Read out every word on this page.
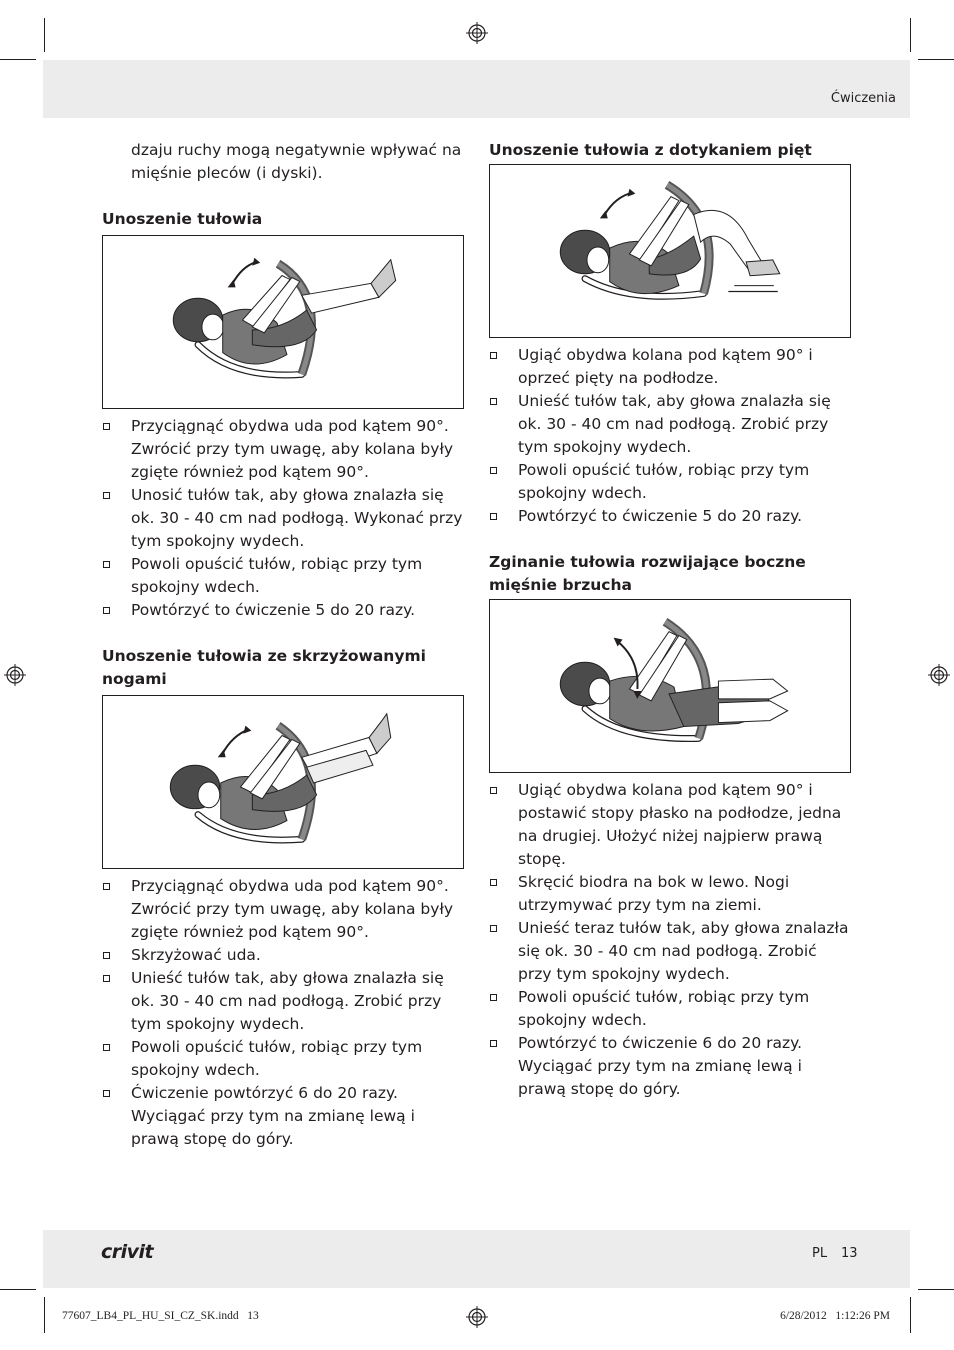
Ćwiczenia

dzaju ruchy mogą negatywnie wpływać na mięśnie pleców (i dyski).

Unoszenie tułowia
Przyciągnąć obydwa uda pod kątem 90°. Zwrócić przy tym uwagę, aby kolana były zgięte również pod kątem 90°.
Unosić tułów tak, aby głowa znalazła się ok. 30 - 40 cm nad podłogą. Wykonać przy tym spokojny wydech.
Powoli opuścić tułów, robiąc przy tym spokojny wdech.
Powtórzyć to ćwiczenie 5 do 20 razy.
Unoszenie tułowia ze skrzyżowanymi nogami
Przyciągnąć obydwa uda pod kątem 90°. Zwrócić przy tym uwagę, aby kolana były zgięte również pod kątem 90°.
Skrzyżować uda.
Unieść tułów tak, aby głowa znalazła się ok. 30 - 40 cm nad podłogą. Zrobić przy tym spokojny wydech.
Powoli opuścić tułów, robiąc przy tym spokojny wdech.
Ćwiczenie powtórzyć 6 do 20 razy. Wyciągać przy tym na zmianę lewą i prawą stopę do góry.
Unoszenie tułowia z dotykaniem pięt
Ugiąć obydwa kolana pod kątem 90° i oprzeć pięty na podłodze.
Unieść tułów tak, aby głowa znalazła się ok. 30 - 40 cm nad podłogą. Zrobić przy tym spokojny wydech.
Powoli opuścić tułów, robiąc przy tym spokojny wdech.
Powtórzyć to ćwiczenie 5 do 20 razy.
Zginanie tułowia rozwijające boczne mięśnie brzucha
Ugiąć obydwa kolana pod kątem 90° i postawić stopy płasko na podłodze, jedna na drugiej. Ułożyć niżej najpierw prawą stopę.
Skręcić biodra na bok w lewo. Nogi utrzymywać przy tym na ziemi.
Unieść teraz tułów tak, aby głowa znalazła się ok. 30 - 40 cm nad podłogą. Zrobić przy tym spokojny wydech.
Powoli opuścić tułów, robiąc przy tym spokojny wdech.
Powtórzyć to ćwiczenie 6 do 20 razy. Wyciągać przy tym na zmianę lewą i prawą stopę do góry.
crivit	PL 13
77607_LB4_PL_HU_SI_CZ_SK.indd   13	6/28/2012   1:12:26 PM
